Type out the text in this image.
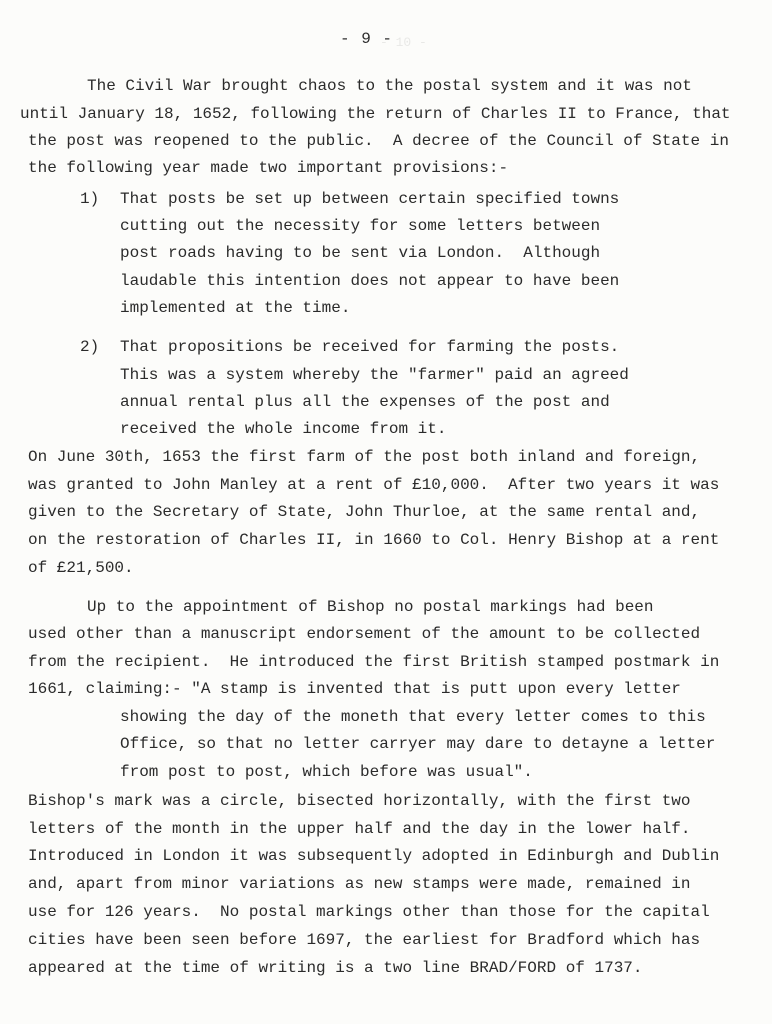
- 10 -
- 9 -
The Civil War brought chaos to the postal system and it was not
until January 18, 1652, following the return of Charles II to France, that
the post was reopened to the public.  A decree of the Council of State in
the following year made two important provisions:-
1) That posts be set up between certain specified towns
cutting out the necessity for some letters between
post roads having to be sent via London.  Although
laudable this intention does not appear to have been
implemented at the time.
2) That propositions be received for farming the posts.
This was a system whereby the "farmer" paid an agreed
annual rental plus all the expenses of the post and
received the whole income from it.
On June 30th, 1653 the first farm of the post both inland and foreign,
was granted to John Manley at a rent of £10,000.  After two years it was
given to the Secretary of State, John Thurloe, at the same rental and,
on the restoration of Charles II, in 1660 to Col. Henry Bishop at a rent
of £21,500.
Up to the appointment of Bishop no postal markings had been
used other than a manuscript endorsement of the amount to be collected
from the recipient.  He introduced the first British stamped postmark in
1661, claiming:- "A stamp is invented that is putt upon every letter
showing the day of the moneth that every letter comes to this
Office, so that no letter carryer may dare to detayne a letter
from post to post, which before was usual".
Bishop's mark was a circle, bisected horizontally, with the first two
letters of the month in the upper half and the day in the lower half.
Introduced in London it was subsequently adopted in Edinburgh and Dublin
and, apart from minor variations as new stamps were made, remained in
use for 126 years.  No postal markings other than those for the capital
cities have been seen before 1697, the earliest for Bradford which has
appeared at the time of writing is a two line BRAD/FORD of 1737.
